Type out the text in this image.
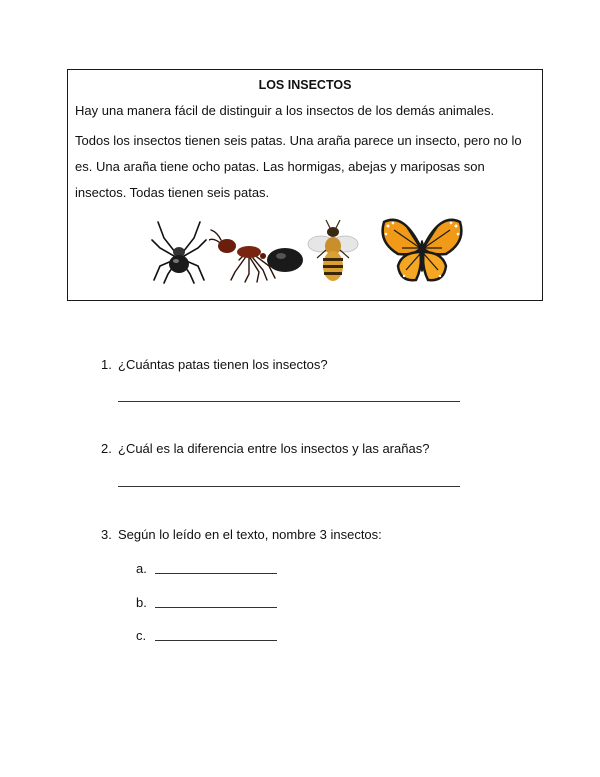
LOS INSECTOS
Hay una manera fácil de distinguir a los insectos de los demás animales.
Todos los insectos tienen seis patas. Una araña parece un insecto, pero no lo es. Una araña tiene ocho patas. Las hormigas, abejas y mariposas son insectos. Todas tienen seis patas.
1. ¿Cuántas patas tienen los insectos?
2. ¿Cuál es la diferencia entre los insectos y las arañas?
3. Según lo leído en el texto, nombre 3 insectos:
a.
b.
c.
